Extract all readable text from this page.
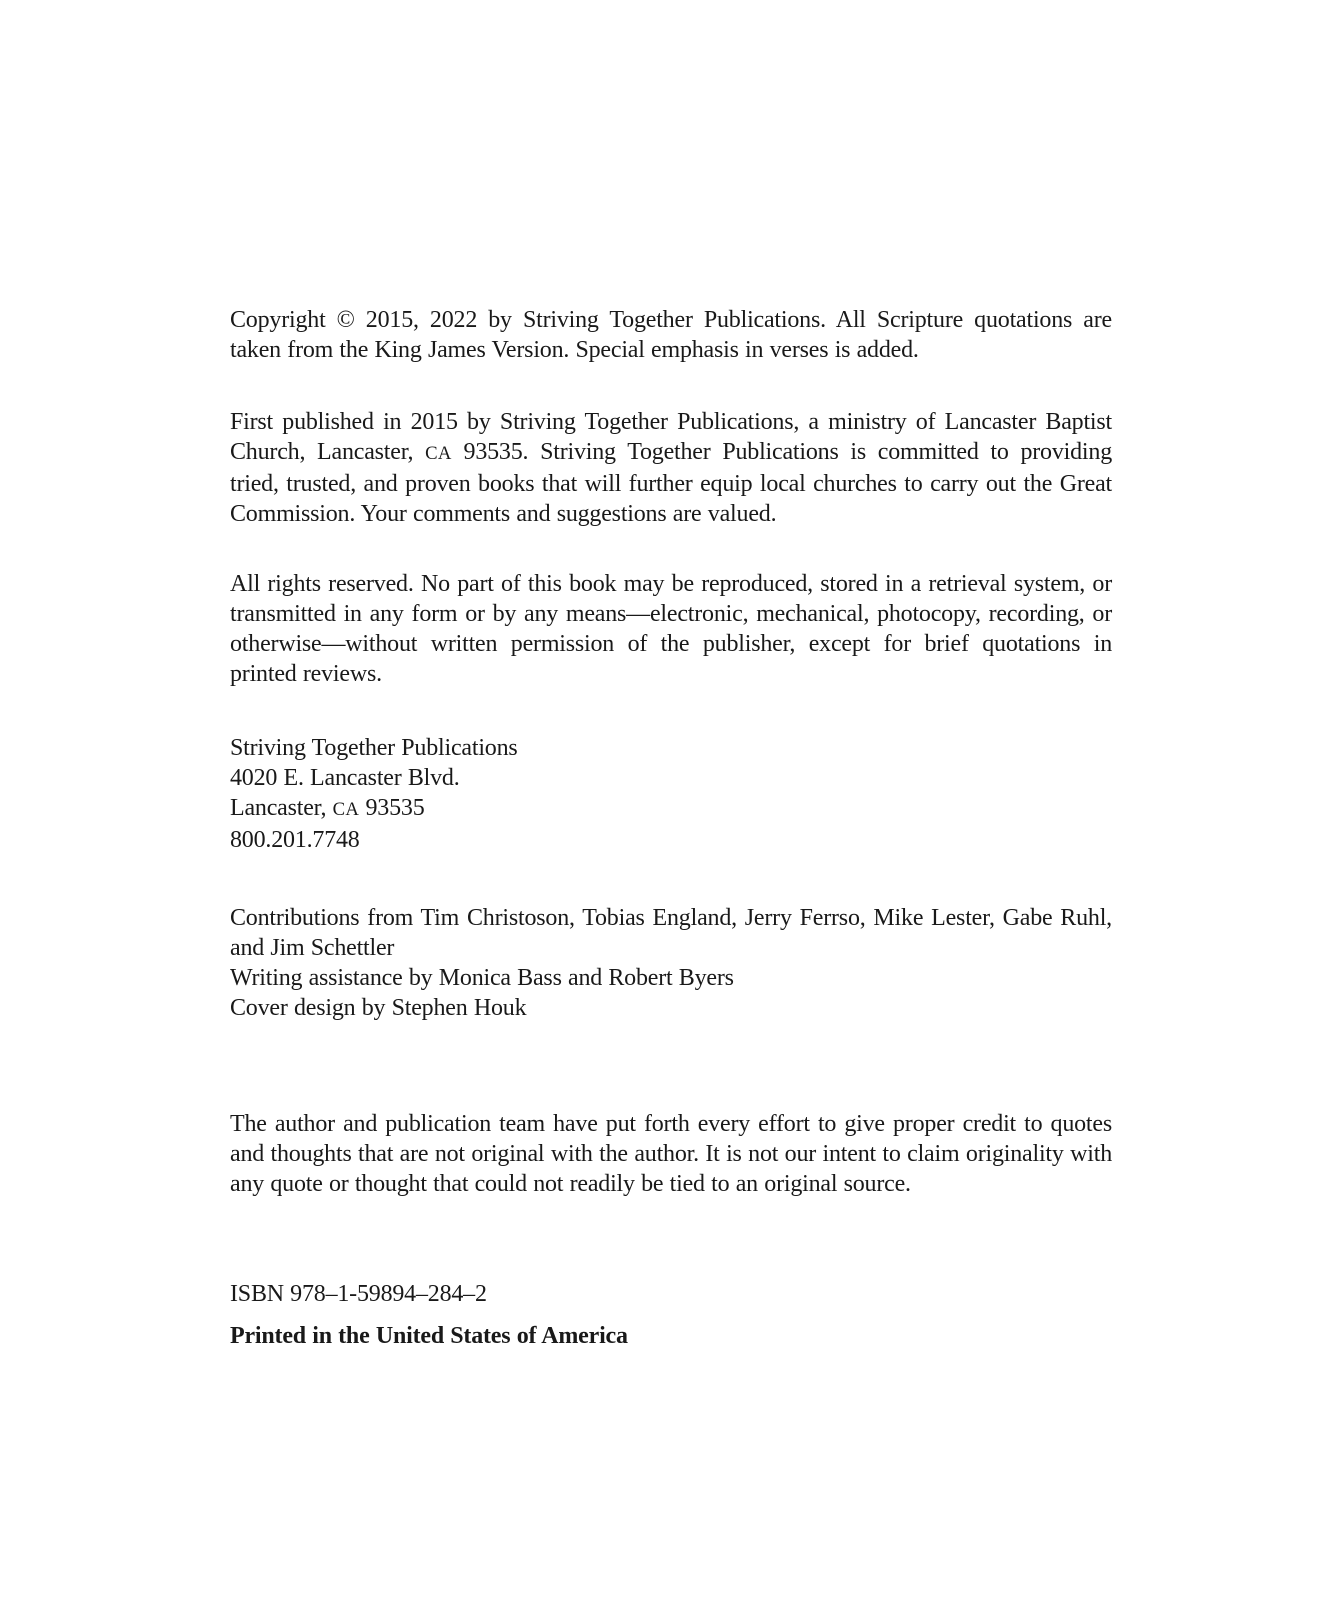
Copyright © 2015, 2022 by Striving Together Publications. All Scripture quotations are taken from the King James Version. Special emphasis in verses is added.

First published in 2015 by Striving Together Publications, a ministry of Lancaster Baptist Church, Lancaster, CA 93535. Striving Together Publications is committed to providing tried, trusted, and proven books that will further equip local churches to carry out the Great Commission. Your comments and suggestions are valued.

All rights reserved. No part of this book may be reproduced, stored in a retrieval system, or transmitted in any form or by any means—electronic, mechanical, photocopy, recording, or otherwise—without written permission of the publisher, except for brief quotations in printed reviews.

Striving Together Publications
4020 E. Lancaster Blvd.
Lancaster, CA 93535
800.201.7748
Contributions from Tim Christoson, Tobias England, Jerry Ferrso, Mike Lester, Gabe Ruhl, and Jim Schettler
Writing assistance by Monica Bass and Robert Byers
Cover design by Stephen Houk

The author and publication team have put forth every effort to give proper credit to quotes and thoughts that are not original with the author. It is not our intent to claim originality with any quote or thought that could not readily be tied to an original source.

ISBN 978–1-59894–284–2

Printed in the United States of America
